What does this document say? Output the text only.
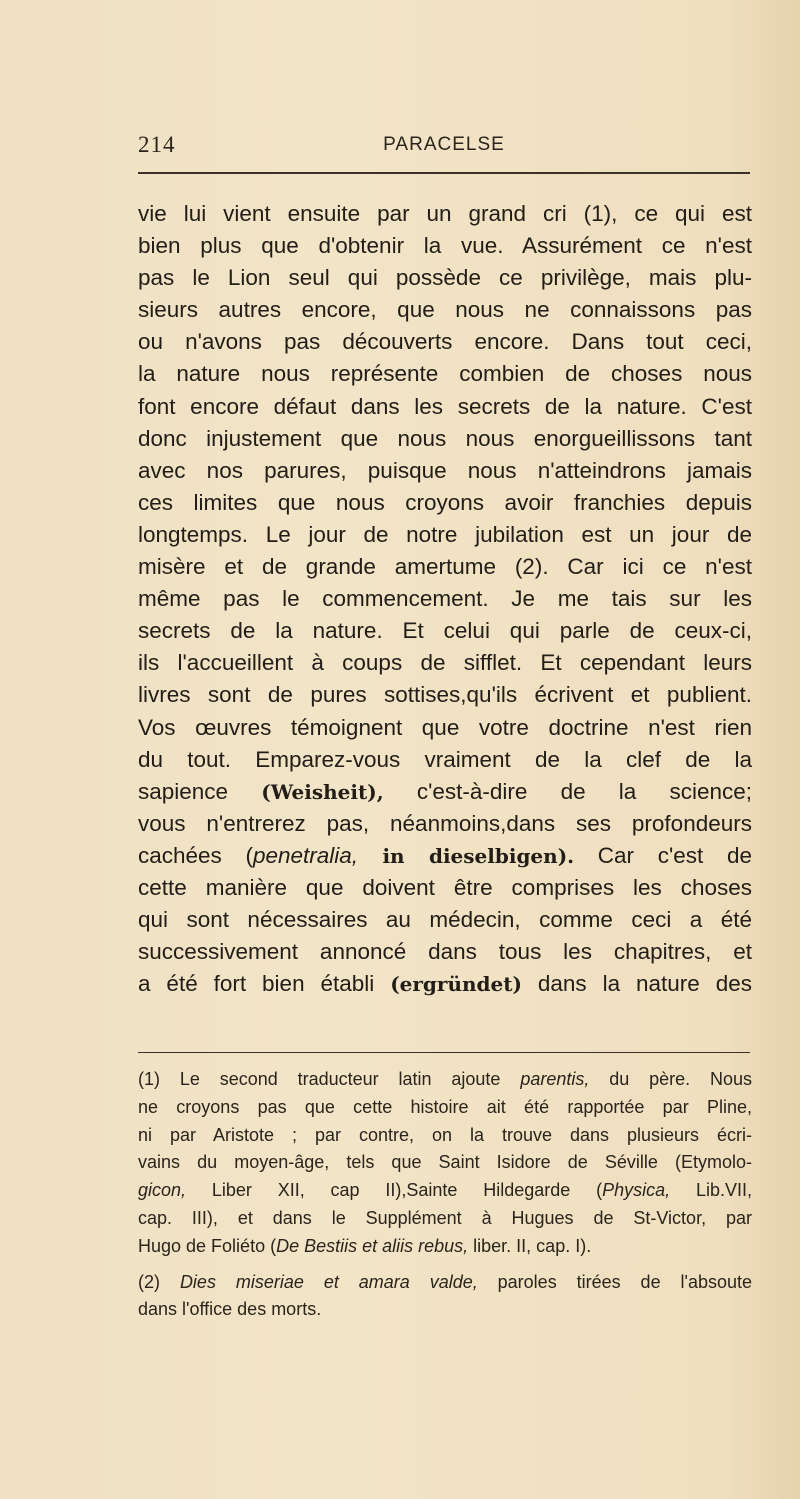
214	PARACELSE
vie lui vient ensuite par un grand cri (1), ce qui est
bien plus que d'obtenir la vue. Assurément ce n'est
pas le Lion seul qui possède ce privilège, mais plu-
sieurs autres encore, que nous ne connaissons pas
ou n'avons pas découverts encore. Dans tout ceci,
la nature nous représente combien de choses nous
font encore défaut dans les secrets de la nature. C'est
donc injustement que nous nous enorgueillissons tant
avec nos parures, puisque nous n'atteindrons jamais
ces limites que nous croyons avoir franchies depuis
longtemps. Le jour de notre jubilation est un jour de
misère et de grande amertume (2). Car ici ce n'est
même pas le commencement. Je me tais sur les
secrets de la nature. Et celui qui parle de ceux-ci,
ils l'accueillent à coups de sifflet. Et cependant leurs
livres sont de pures sottises,qu'ils écrivent et publient.
Vos œuvres témoignent que votre doctrine n'est rien
du tout. Emparez-vous vraiment de la clef de la
sapience (Weisheit), c'est-à-dire de la science;
vous n'entrerez pas, néanmoins,dans ses profondeurs
cachées (penetralia, in dieselbigen). Car c'est de
cette manière que doivent être comprises les choses
qui sont nécessaires au médecin, comme ceci a été
successivement annoncé dans tous les chapitres, et
a été fort bien établi (ergründet) dans la nature des
(1) Le second traducteur latin ajoute parentis, du père. Nous
ne croyons pas que cette histoire ait été rapportée par Pline,
ni par Aristote ; par contre, on la trouve dans plusieurs écri-
vains du moyen-âge, tels que Saint Isidore de Séville (Etymolo-
gicon, Liber XII, cap II),Sainte Hildegarde (Physica, Lib.VII,
cap. III), et dans le Supplément à Hugues de St-Victor, par
Hugo de Foliéto (De Bestiis et aliis rebus, liber. II, cap. I).
(2) Dies miseriae et amara valde, paroles tirées de l'absoute
dans l'office des morts.
